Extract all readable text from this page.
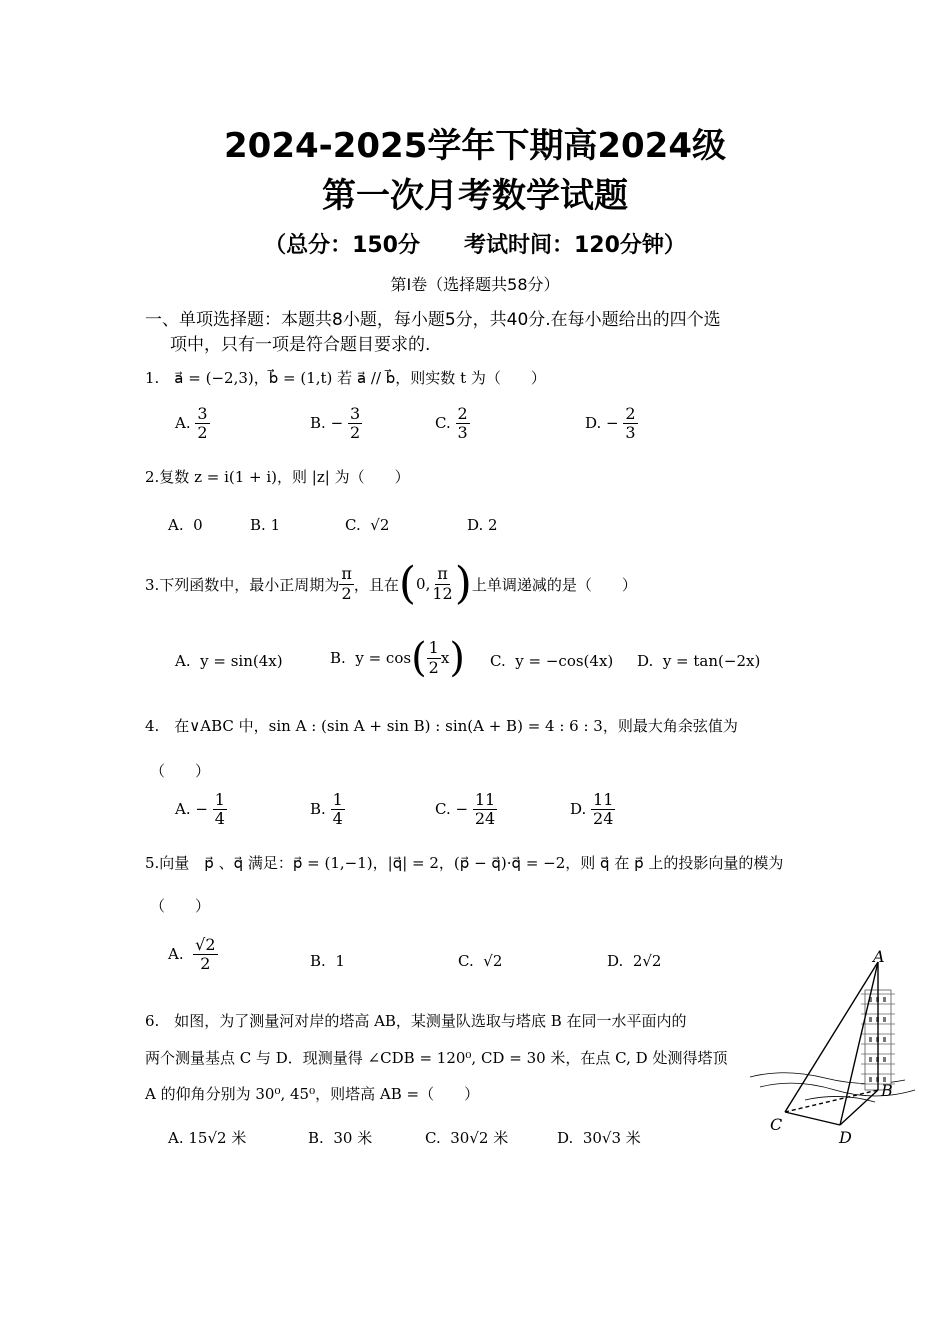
2024-2025学年下期高2024级
第一次月考数学试题
（总分：150分　　考试时间：120分钟）
第Ⅰ卷（选择题共58分）
一、单项选择题：本题共8小题，每小题5分，共40分.在每小题给出的四个选
项中，只有一项是符合题目要求的.
1.　a⃗ = (−2,3)，b⃗ = (1,t) 若 a⃗ // b⃗，则实数 t 为（　　）
A. $\frac{3}{2}$	B. − $\frac{3}{2}$	C. $\frac{2}{3}$	D. − $\frac{2}{3}$
2.复数 z = i(1 + i)，则 |z| 为（　　）
A. 0	B. 1	C. √2	D. 2
3.下列函数中，最小正周期为 $\frac{\pi}{2}$ ，且在 ( 0, $\frac{\pi}{12}$ ) 上单调递减的是（　　）
A. y = sin(4x)	B.
y = cos ( $\frac{1}{2}$ x ) C. y = −cos(4x) D. y = tan(−2x)
4.　在∨ABC 中，sin A : (sin A + sin B) : sin(A + B) = 4 : 6 : 3，则最大角余弦值为
（　　）
A. − $\frac{1}{4}$	B. $\frac{1}{4}$	C. − $\frac{11}{24}$	D. $\frac{11}{24}$
5.向量　p⃗ 、q⃗ 满足：p⃗ = (1,−1)，|q⃗| = 2，(p⃗ − q⃗)·q⃗ = −2，则 q⃗ 在 p⃗ 上的投影向量的模为
（　　）
A. $\frac{√2}{2}$	B. 1	C. √2	D. 2√2
6.　如图，为了测量河对岸的塔高 AB，某测量队选取与塔底 B 在同一水平面内的
两个测量基点 C 与 D．现测量得 ∠CDB = 120⁰, CD = 30 米，在点 C, D 处测得塔顶
A 的仰角分别为 30⁰, 45⁰，则塔高 AB =（　　）
A. 15√2 米	B. 30 米	C. 30√2 米	D. 30√3 米
A
B
C
D
